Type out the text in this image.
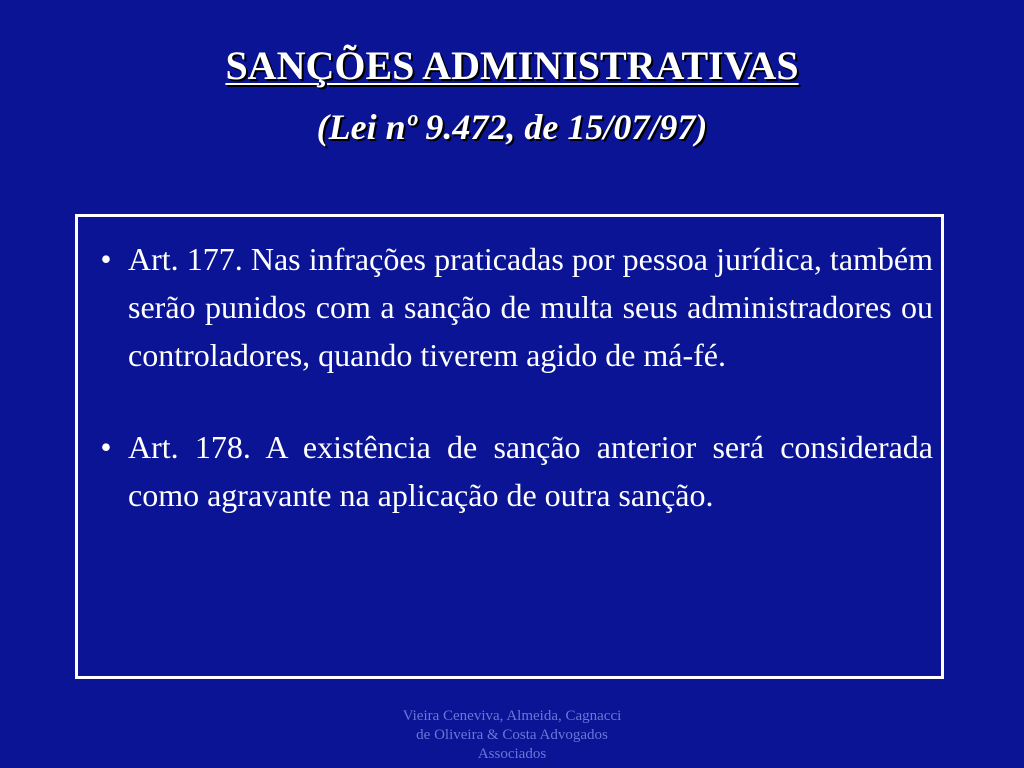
SANÇÕES ADMINISTRATIVAS
(Lei nº 9.472, de 15/07/97)
• Art. 177. Nas infrações praticadas por pessoa jurídica, também serão punidos com a sanção de multa seus administradores ou controladores, quando tiverem agido de má-fé.
• Art. 178. A existência de sanção anterior será considerada como agravante na aplicação de outra sanção.
Vieira Ceneviva, Almeida, Cagnacci
de Oliveira & Costa Advogados
Associados
